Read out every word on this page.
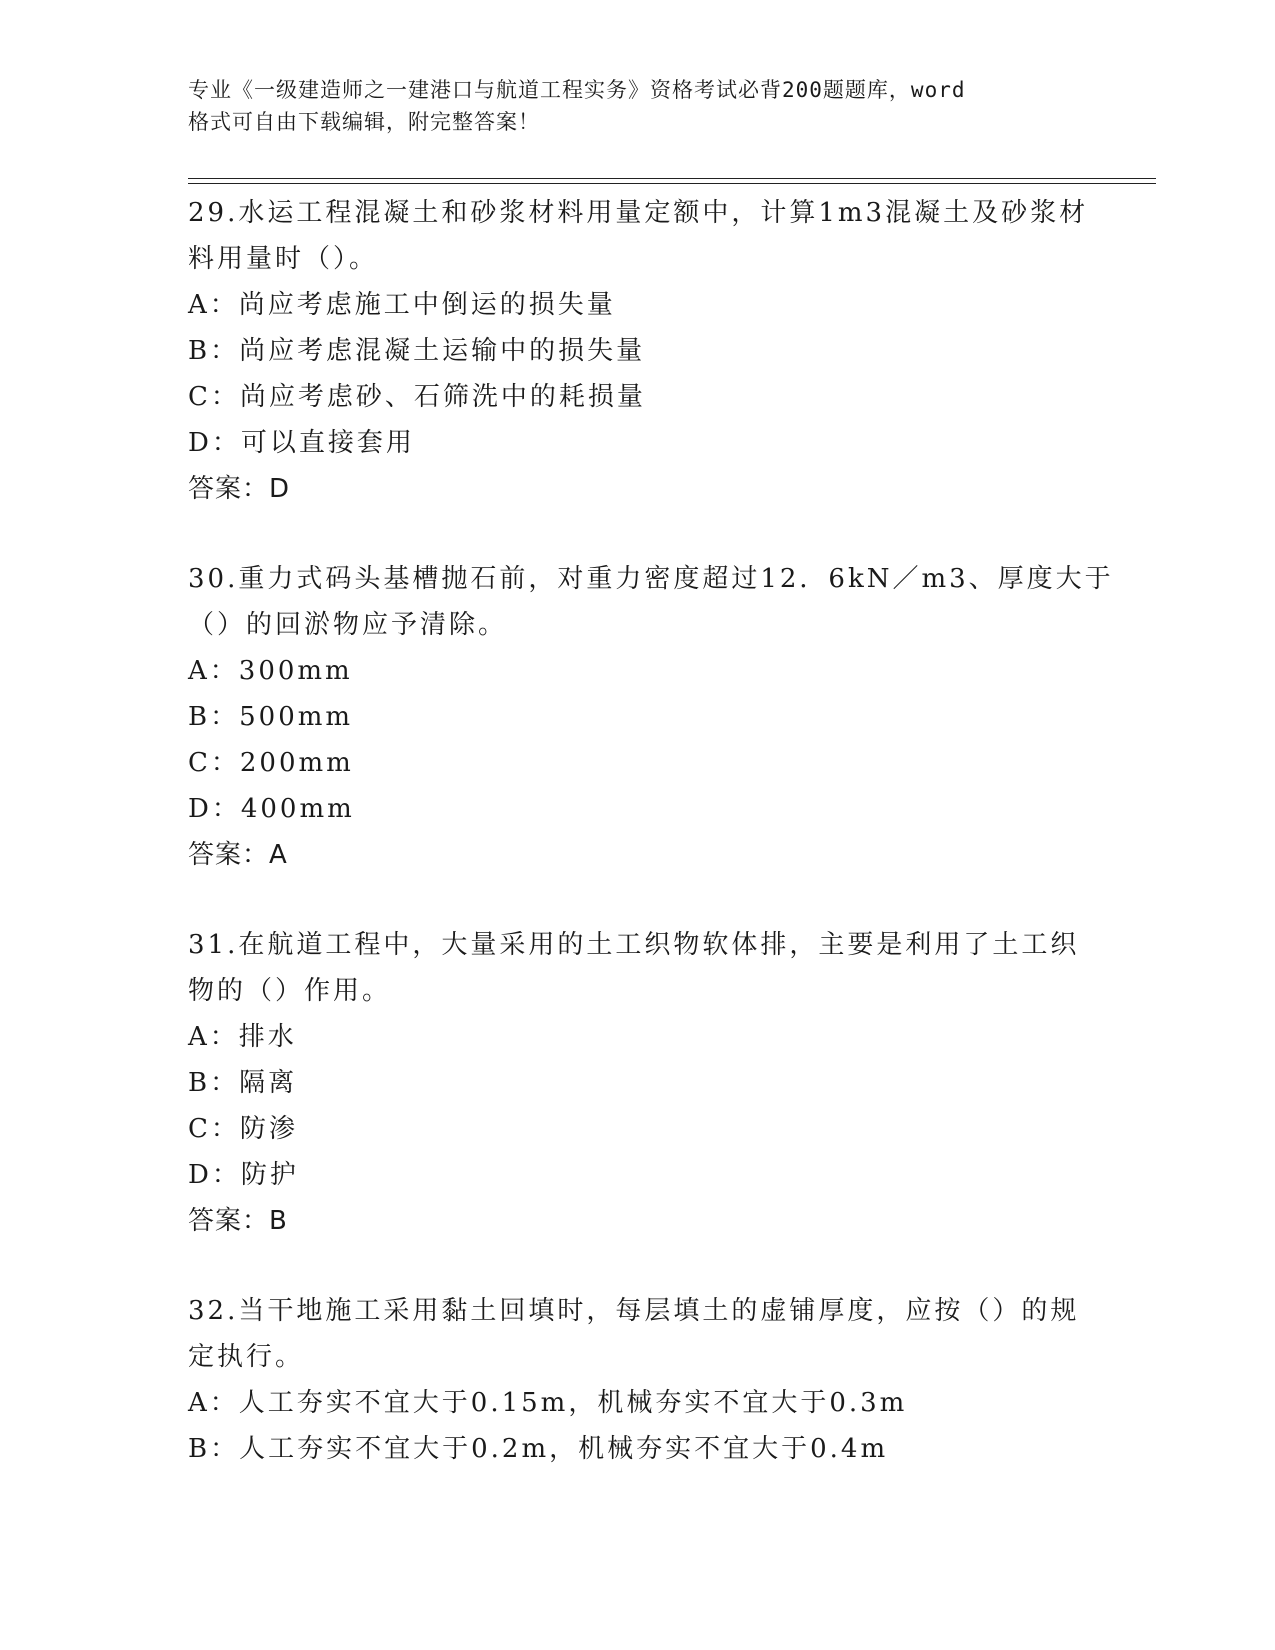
专业《一级建造师之一建港口与航道工程实务》资格考试必背200题题库，word
格式可自由下载编辑，附完整答案！
29.水运工程混凝土和砂浆材料用量定额中，计算1m3混凝土及砂浆材
料用量时（）。
A：尚应考虑施工中倒运的损失量
B：尚应考虑混凝土运输中的损失量
C：尚应考虑砂、石筛洗中的耗损量
D：可以直接套用
答案：D
30.重力式码头基槽抛石前，对重力密度超过12．6kN／m3、厚度大于
（）的回淤物应予清除。
A：300mm
B：500mm
C：200mm
D：400mm
答案：A
31.在航道工程中，大量采用的土工织物软体排，主要是利用了土工织
物的（）作用。
A：排水
B：隔离
C：防渗
D：防护
答案：B
32.当干地施工采用黏土回填时，每层填土的虚铺厚度，应按（）的规
定执行。
A：人工夯实不宜大于0.15m，机械夯实不宜大于0.3m
B：人工夯实不宜大于0.2m，机械夯实不宜大于0.4m
